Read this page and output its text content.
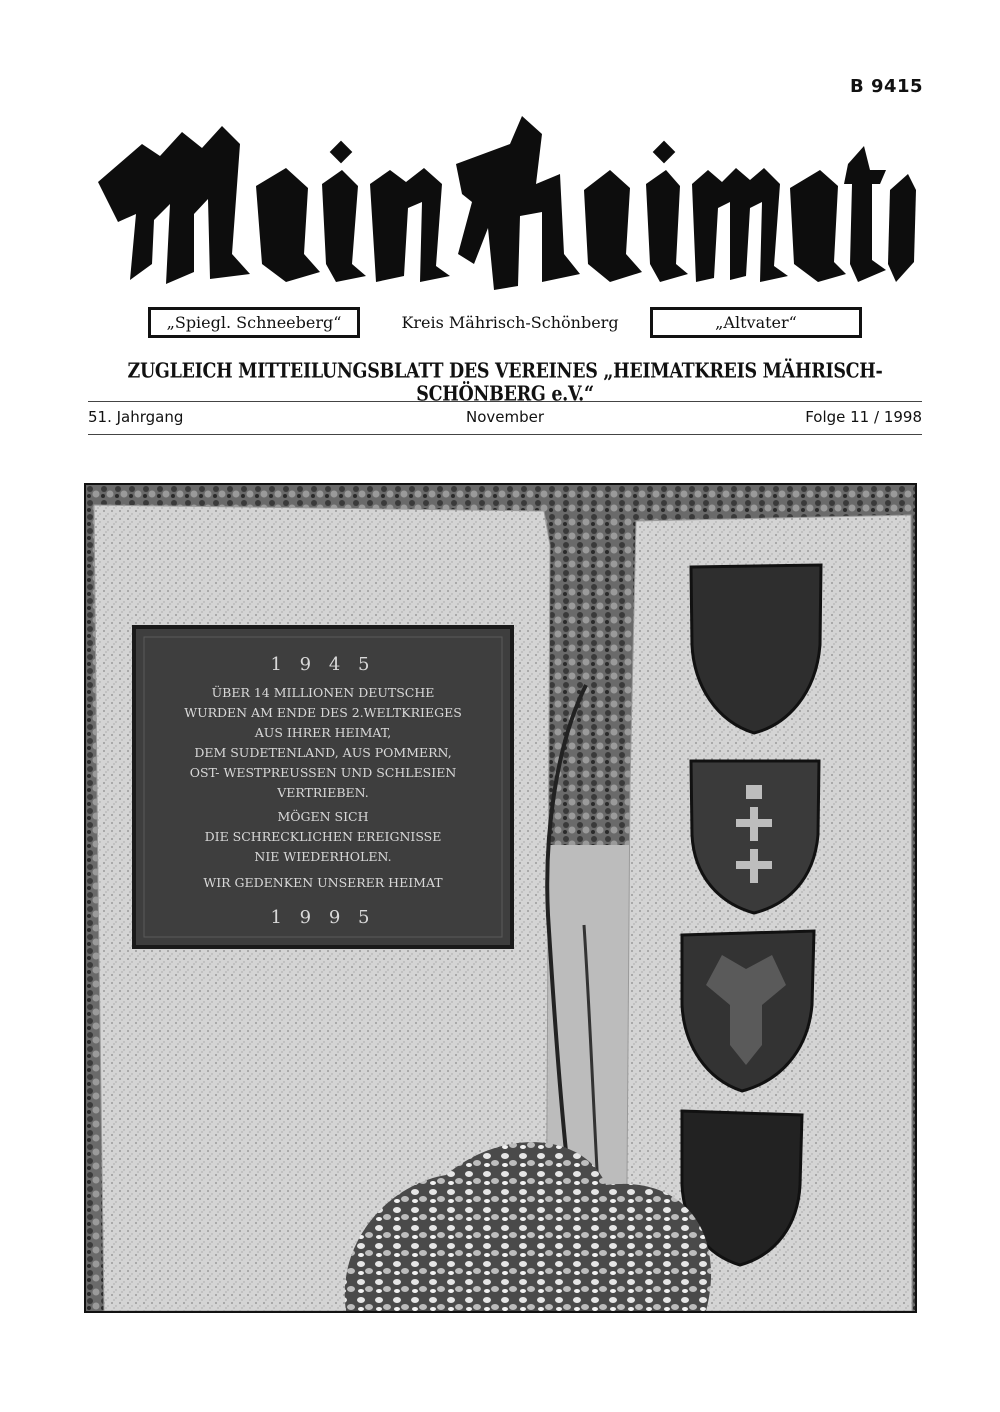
B 9415
„Spiegl. Schneeberg“	Kreis Mährisch-Schönberg	„Altvater“
ZUGLEICH MITTEILUNGSBLATT DES VEREINES „HEIMATKREIS MÄHRISCH-SCHÖNBERG e.V.“
51. Jahrgang	November	Folge 11 / 1998
1 9 4 5
ÜBER 14 MILLIONEN DEUTSCHE
WURDEN AM ENDE DES 2.WELTKRIEGES
AUS IHRER HEIMAT,
DEM SUDETENLAND, AUS POMMERN,
OST- WESTPREUSSEN UND SCHLESIEN
VERTRIEBEN.
MÖGEN SICH
DIE SCHRECKLICHEN EREIGNISSE
NIE WIEDERHOLEN.
WIR GEDENKEN UNSERER HEIMAT
1 9 9 5
